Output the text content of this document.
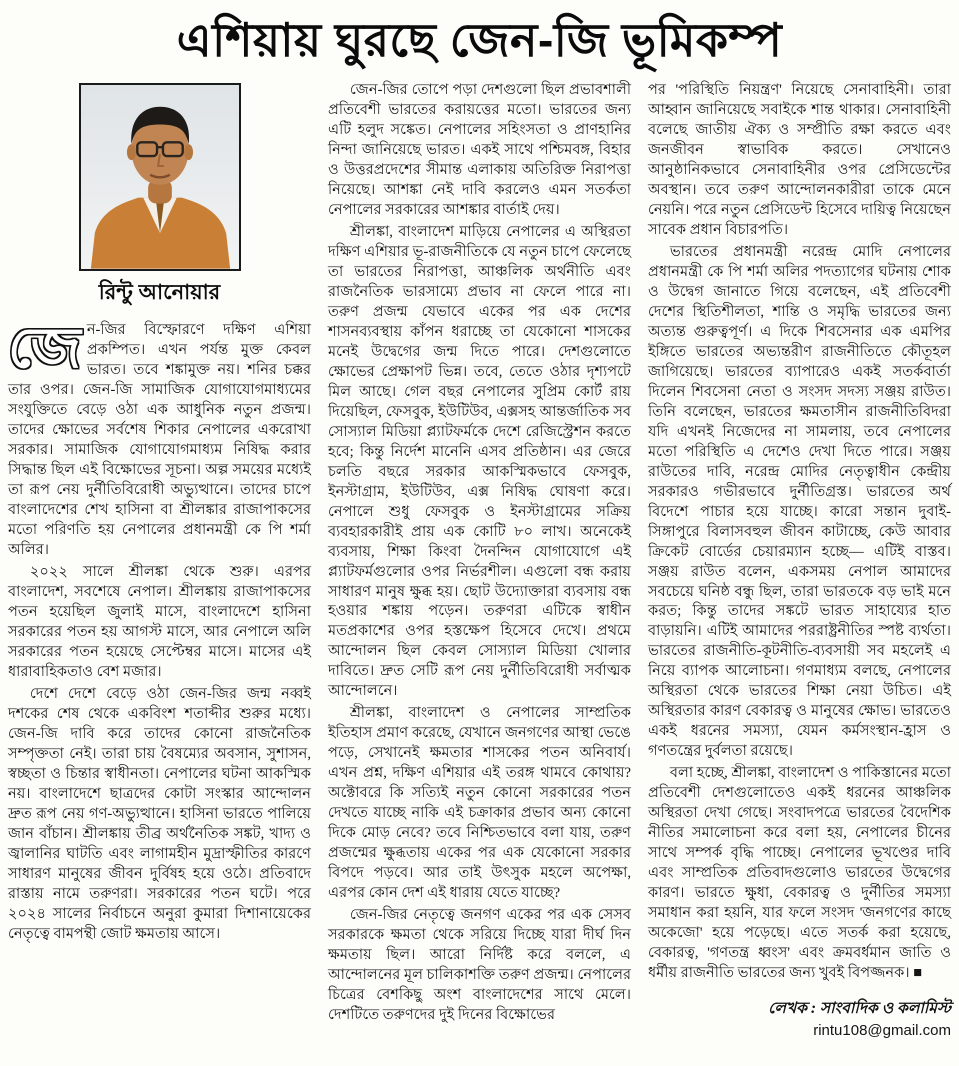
এশিয়ায় ঘুরছে জেন-জি ভূমিকম্প
রিন্টু আনোয়ার

জেন-জির বিস্ফোরণে দক্ষিণ এশিয়া প্রকম্পিত। এখন পর্যন্ত মুক্ত কেবল ভারত। তবে শঙ্কামুক্ত নয়। শনির চক্কর তার ওপর। জেন-জি সামাজিক যোগাযোগমাধ্যমের সংযুক্তিতে বেড়ে ওঠা এক আধুনিক নতুন প্রজন্ম। তাদের ক্ষোভের সর্বশেষ শিকার নেপালের একরোখা সরকার। সামাজিক যোগাযোগমাধ্যম নিষিদ্ধ করার সিদ্ধান্ত ছিল এই বিক্ষোভের সূচনা। অল্প সময়ের মধ্যেই তা রূপ নেয় দুর্নীতিবিরোধী অভ্যুত্থানে। তাদের চাপে বাংলাদেশের শেখ হাসিনা বা শ্রীলঙ্কার রাজাপাকসের মতো পরিণতি হয় নেপালের প্রধানমন্ত্রী কে পি শর্মা অলির।

২০২২ সালে শ্রীলঙ্কা থেকে শুরু। এরপর বাংলাদেশ, সবশেষে নেপাল। শ্রীলঙ্কায় রাজাপাকসের পতন হয়েছিল জুলাই মাসে, বাংলাদেশে হাসিনা সরকারের পতন হয় আগস্ট মাসে, আর নেপালে অলি সরকারের পতন হয়েছে সেপ্টেম্বর মাসে। মাসের এই ধারাবাহিকতাও বেশ মজার।

দেশে দেশে বেড়ে ওঠা জেন-জির জন্ম নব্বই দশকের শেষ থেকে একবিংশ শতাব্দীর শুরুর মধ্যে। জেন-জি দাবি করে তাদের কোনো রাজনৈতিক সম্পৃক্ততা নেই। তারা চায় বৈষম্যের অবসান, সুশাসন, স্বচ্ছতা ও চিন্তার স্বাধীনতা। নেপালের ঘটনা আকস্মিক নয়। বাংলাদেশে ছাত্রদের কোটা সংস্কার আন্দোলন দ্রুত রূপ নেয় গণ-অভ্যুত্থানে। হাসিনা ভারতে পালিয়ে জান বাঁচান। শ্রীলঙ্কায় তীব্র অর্থনৈতিক সঙ্কট, খাদ্য ও জ্বালানির ঘাটতি এবং লাগামহীন মুদ্রাস্ফীতির কারণে সাধারণ মানুষের জীবন দুর্বিষহ হয়ে ওঠে। প্রতিবাদে রাস্তায় নামে তরুণরা। সরকারের পতন ঘটে। পরে ২০২৪ সালের নির্বাচনে অনুরা কুমারা দিশানায়েকের নেতৃত্বে বামপন্থী জোট ক্ষমতায় আসে।

জেন-জির তোপে পড়া দেশগুলো ছিল প্রভাবশালী প্রতিবেশী ভারতের করায়ত্তের মতো। ভারতের জন্য এটি হলুদ সঙ্কেত। নেপালের সহিংসতা ও প্রাণহানির নিন্দা জানিয়েছে ভারত। একই সাথে পশ্চিমবঙ্গ, বিহার ও উত্তরপ্রদেশের সীমান্ত এলাকায় অতিরিক্ত নিরাপত্তা নিয়েছে। আশঙ্কা নেই দাবি করলেও এমন সতর্কতা নেপালের সরকারের আশঙ্কার বার্তাই দেয়।

শ্রীলঙ্কা, বাংলাদেশ মাড়িয়ে নেপালের এ অস্থিরতা দক্ষিণ এশিয়ার ভূ-রাজনীতিকে যে নতুন চাপে ফেলেছে তা ভারতের নিরাপত্তা, আঞ্চলিক অর্থনীতি এবং রাজনৈতিক ভারসাম্যে প্রভাব না ফেলে পারে না। তরুণ প্রজন্ম যেভাবে একের পর এক দেশের শাসনব্যবস্থায় কাঁপন ধরাচ্ছে তা যেকোনো শাসকের মনেই উদ্বেগের জন্ম দিতে পারে। দেশগুলোতে ক্ষোভের প্রেক্ষাপট ভিন্ন। তবে, তেতে ওঠার দৃশ্যপটে মিল আছে। গেল বছর নেপালের সুপ্রিম কোর্ট রায় দিয়েছিল, ফেসবুক, ইউটিউব, এক্সসহ আন্তর্জাতিক সব সোস্যাল মিডিয়া প্ল্যাটফর্মকে দেশে রেজিস্ট্রেশন করতে হবে; কিন্তু নির্দেশ মানেনি এসব প্রতিষ্ঠান। এর জেরে চলতি বছরে সরকার আকস্মিকভাবে ফেসবুক, ইনস্টাগ্রাম, ইউটিউব, এক্স নিষিদ্ধ ঘোষণা করে। নেপালে শুধু ফেসবুক ও ইনস্টাগ্রামের সক্রিয় ব্যবহারকারীই প্রায় এক কোটি ৮০ লাখ। অনেকেই ব্যবসায়, শিক্ষা কিংবা দৈনন্দিন যোগাযোগে এই প্ল্যাটফর্মগুলোর ওপর নির্ভরশীল। এগুলো বন্ধ করায় সাধারণ মানুষ ক্ষুব্ধ হয়। ছোট উদ্যোক্তারা ব্যবসায় বন্ধ হওয়ার শঙ্কায় পড়েন। তরুণরা এটিকে স্বাধীন মতপ্রকাশের ওপর হস্তক্ষেপ হিসেবে দেখে। প্রথমে আন্দোলন ছিল কেবল সোস্যাল মিডিয়া খোলার দাবিতে। দ্রুত সেটি রূপ নেয় দুর্নীতিবিরোধী সর্বাত্মক আন্দোলনে।

শ্রীলঙ্কা, বাংলাদেশ ও নেপালের সাম্প্রতিক ইতিহাস প্রমাণ করেছে, যেখানে জনগণের আস্থা ভেঙে পড়ে, সেখানেই ক্ষমতার শাসকের পতন অনিবার্য। এখন প্রশ্ন, দক্ষিণ এশিয়ার এই তরঙ্গ থামবে কোথায়? অক্টোবরে কি সত্যিই নতুন কোনো সরকারের পতন দেখতে যাচ্ছে নাকি এই চক্রাকার প্রভাব অন্য কোনো দিকে মোড় নেবে? তবে নিশ্চিতভাবে বলা যায়, তরুণ প্রজন্মের ক্ষুব্ধতায় একের পর এক যেকোনো সরকার বিপদে পড়বে। আর তাই উৎসুক মহলে অপেক্ষা, এরপর কোন দেশ এই ধারায় যেতে যাচ্ছে?

জেন-জির নেতৃত্বে জনগণ একের পর এক সেসব সরকারকে ক্ষমতা থেকে সরিয়ে দিচ্ছে যারা দীর্ঘ দিন ক্ষমতায় ছিল। আরো নির্দিষ্ট করে বললে, এ আন্দোলনের মূল চালিকাশক্তি তরুণ প্রজন্ম। নেপালের চিত্রের বেশকিছু অংশ বাংলাদেশের সাথে মেলে। দেশটিতে তরুণদের দুই দিনের বিক্ষোভের

পর 'পরিস্থিতি নিয়ন্ত্রণ' নিয়েছে সেনাবাহিনী। তারা আহ্বান জানিয়েছে সবাইকে শান্ত থাকার। সেনাবাহিনী বলেছে জাতীয় ঐক্য ও সম্প্রীতি রক্ষা করতে এবং জনজীবন স্বাভাবিক করতে। সেখানেও আনুষ্ঠানিকভাবে সেনাবাহিনীর ওপর প্রেসিডেন্টের অবস্থান। তবে তরুণ আন্দোলনকারীরা তাকে মেনে নেয়নি। পরে নতুন প্রেসিডেন্ট হিসেবে দায়িত্ব নিয়েছেন সাবেক প্রধান বিচারপতি।

ভারতের প্রধানমন্ত্রী নরেন্দ্র মোদি নেপালের প্রধানমন্ত্রী কে পি শর্মা অলির পদত্যাগের ঘটনায় শোক ও উদ্বেগ জানাতে গিয়ে বলেছেন, এই প্রতিবেশী দেশের স্থিতিশীলতা, শান্তি ও সমৃদ্ধি ভারতের জন্য অত্যন্ত গুরুত্বপূর্ণ। এ দিকে শিবসেনার এক এমপির ইঙ্গিতে ভারতের অভ্যন্তরীণ রাজনীতিতে কৌতূহল জাগিয়েছে। ভারতের ব্যাপারেও একই সতর্কবার্তা দিলেন শিবসেনা নেতা ও সংসদ সদস্য সঞ্জয় রাউত। তিনি বলেছেন, ভারতের ক্ষমতাসীন রাজনীতিবিদরা যদি এখনই নিজেদের না সামলায়, তবে নেপালের মতো পরিস্থিতি এ দেশেও দেখা দিতে পারে। সঞ্জয় রাউতের দাবি, নরেন্দ্র মোদির নেতৃত্বাধীন কেন্দ্রীয় সরকারও গভীরভাবে দুর্নীতিগ্রস্ত। ভারতের অর্থ বিদেশে পাচার হয়ে যাচ্ছে। কারো সন্তান দুবাই-সিঙ্গাপুরে বিলাসবহুল জীবন কাটাচ্ছে, কেউ আবার ক্রিকেট বোর্ডের চেয়ারম্যান হচ্ছে— এটিই বাস্তব। সঞ্জয় রাউত বলেন, একসময় নেপাল আমাদের সবচেয়ে ঘনিষ্ঠ বন্ধু ছিল, তারা ভারতকে বড় ভাই মনে করত; কিন্তু তাদের সঙ্কটে ভারত সাহায্যের হাত বাড়ায়নি। এটিই আমাদের পররাষ্ট্রনীতির স্পষ্ট ব্যর্থতা। ভারতের রাজনীতি-কূটনীতি-ব্যবসায়ী সব মহলেই এ নিয়ে ব্যাপক আলোচনা। গণমাধ্যম বলছে, নেপালের অস্থিরতা থেকে ভারতের শিক্ষা নেয়া উচিত। এই অস্থিরতার কারণ বেকারত্ব ও মানুষের ক্ষোভ। ভারতেও একই ধরনের সমস্যা, যেমন কর্মসংস্থান-হ্রাস ও গণতন্ত্রের দুর্বলতা রয়েছে।

বলা হচ্ছে, শ্রীলঙ্কা, বাংলাদেশ ও পাকিস্তানের মতো প্রতিবেশী দেশগুলোতেও একই ধরনের আঞ্চলিক অস্থিরতা দেখা গেছে। সংবাদপত্রে ভারতের বৈদেশিক নীতির সমালোচনা করে বলা হয়, নেপালের চীনের সাথে সম্পর্ক বৃদ্ধি পাচ্ছে। নেপালের ভূখণ্ডের দাবি এবং সাম্প্রতিক প্রতিবাদগুলোও ভারতের উদ্বেগের কারণ। ভারতে ক্ষুধা, বেকারত্ব ও দুর্নীতির সমস্যা সমাধান করা হয়নি, যার ফলে সংসদ 'জনগণের কাছে অকেজো' হয়ে পড়েছে। এতে সতর্ক করা হয়েছে, বেকারত্ব, 'গণতন্ত্র ধ্বংস' এবং ক্রমবর্ধমান জাতি ও ধর্মীয় রাজনীতি ভারতের জন্য খুবই বিপজ্জনক। ■

লেখক : সাংবাদিক ও কলামিস্ট
rintu108@gmail.com
